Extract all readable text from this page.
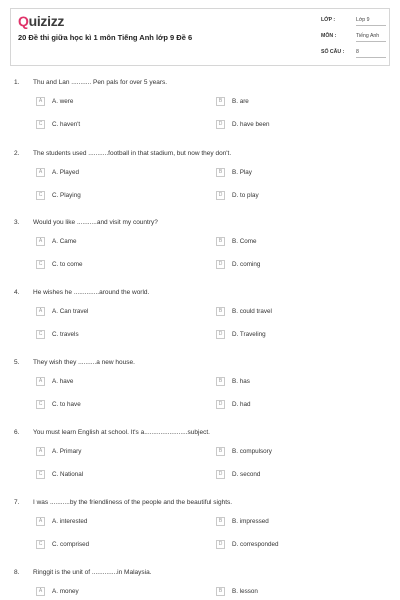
Quizizz
20 Đề thi giữa học kì 1 môn Tiếng Anh lớp 9 Đề 6
LỚP :	Lớp 9
MÔN :	Tiếng Anh
SỐ CÂU : 8
1. Thu and Lan ........... Pen pals for over 5 years.
A	A. were	B	B. are
C	C. haven't	D	D. have been
2. The students used ...........football in that stadium, but now they don't.
A	A. Played	B	B. Play
C	C. Playing	D	D. to play
3. Would you like ...........and visit my country?
A	A. Came	B	B. Come
C	C. to come	D	D. coming
4. He wishes he ..............around the world.
A	A. Can travel	B	B. could travel
C	C. travels	D	D. Traveling
5. They wish they ..........a new house.
A	A. have	B	B. has
C	C. to have	D	D. had
6. You must learn English at school. It's a........................subject.
A	A. Primary	B	B. compulsory
C	C. National	D	D. second
7. I was ...........by the friendliness of the people and the beautiful sights.
A	A. interested	B	B. impressed
C	C. comprised	D	D. corresponded
8. Ringgit is the unit of ..............in Malaysia.
A	A. money	B	B. lesson
